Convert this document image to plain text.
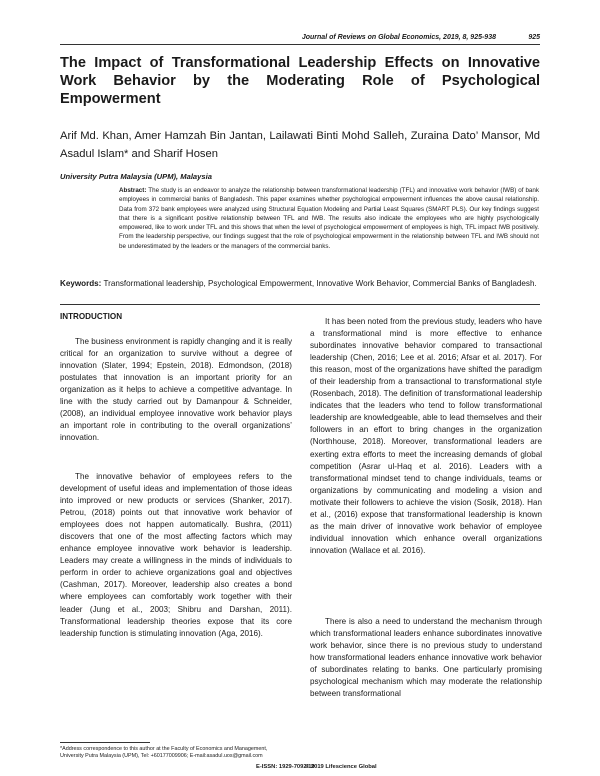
Journal of Reviews on Global Economics, 2019, 8, 925-938	925
The Impact of Transformational Leadership Effects on Innovative Work Behavior by the Moderating Role of Psychological Empowerment
Arif Md. Khan, Amer Hamzah Bin Jantan, Lailawati Binti Mohd Salleh, Zuraina Dato’ Mansor, Md Asadul Islam* and Sharif Hosen
University Putra Malaysia (UPM), Malaysia
Abstract: The study is an endeavor to analyze the relationship between transformational leadership (TFL) and innovative work behavior (IWB) of bank employees in commercial banks of Bangladesh. This paper examines whether psychological empowerment influences the above causal relationship. Data from 372 bank employees were analyzed using Structural Equation Modeling and Partial Least Squares (SMART PLS). Our key findings suggest that there is a significant positive relationship between TFL and IWB. The results also indicate the employees who are highly psychologically empowered, like to work under TFL and this shows that when the level of psychological empowerment of employees is high, TFL impact IWB positively. From the leadership perspective, our findings suggest that the role of psychological empowerment in the relationship between TFL and IWB should not be underestimated by the leaders or the managers of the commercial banks.
Keywords: Transformational leadership, Psychological Empowerment, Innovative Work Behavior, Commercial Banks of Bangladesh.
INTRODUCTION

The business environment is rapidly changing and it is really critical for an organization to survive without a degree of innovation (Slater, 1994; Epstein, 2018). Edmondson, (2018) postulates that innovation is an important priority for an organization as it helps to achieve a competitive advantage. In line with the study carried out by Damanpour & Schneider, (2008), an individual employee innovative work behavior plays an important role in contributing to the overall organizations’ innovation.

The innovative behavior of employees refers to the development of useful ideas and implementation of those ideas into improved or new products or services (Shanker, 2017). Petrou, (2018) points out that innovative work behavior of employees does not happen automatically. Bushra, (2011) discovers that one of the most affecting factors which may enhance employee innovative work behavior is leadership. Leaders may create a willingness in the minds of individuals to perform in order to achieve organizations goal and objectives (Cashman, 2017). Moreover, leadership also creates a bond where employees can comfortably work together with their leader (Jung et al., 2003; Shibru and Darshan, 2011). Transformational leadership theories expose that its core leadership function is stimulating innovation (Aga, 2016).

It has been noted from the previous study, leaders who have a transformational mind is more effective to enhance subordinates innovative behavior compared to transactional leadership (Chen, 2016; Lee et al. 2016; Afsar et al. 2017). For this reason, most of the organizations have shifted the paradigm of their leadership from a transactional to transformational style (Rosenbach, 2018). The definition of transformational leadership indicates that the leaders who tend to follow transformational leadership are knowledgeable, able to lead themselves and their followers in an effort to bring changes in the organization (Northhouse, 2018). Moreover, transformational leaders are exerting extra efforts to meet the increasing demands of global competition (Asrar ul-Haq et al. 2016). Leaders with a transformational mindset tend to change individuals, teams or organizations by communicating and modeling a vision and motivate their followers to achieve the vision (Sosik, 2018). Han et al., (2016) expose that transformational leadership is known as the main driver of innovative work behavior of employee individual innovation which enhance overall organizations innovation (Wallace et al. 2016).

There is also a need to understand the mechanism through which transformational leaders enhance subordinates innovative work behavior, since there is no previous study to understand how transformational leaders enhance innovative work behavior of subordinates relating to banks. One particularly promising psychological mechanism which may moderate the relationship between transformational

*Address correspondence to this author at the Faculty of Economics and Management, University Putra Malaysia (UPM), Tel: +60177009906; E-mail:asadul.uos@gmail.com
E-ISSN: 1929-7092/19
© 2019 Lifescience Global
